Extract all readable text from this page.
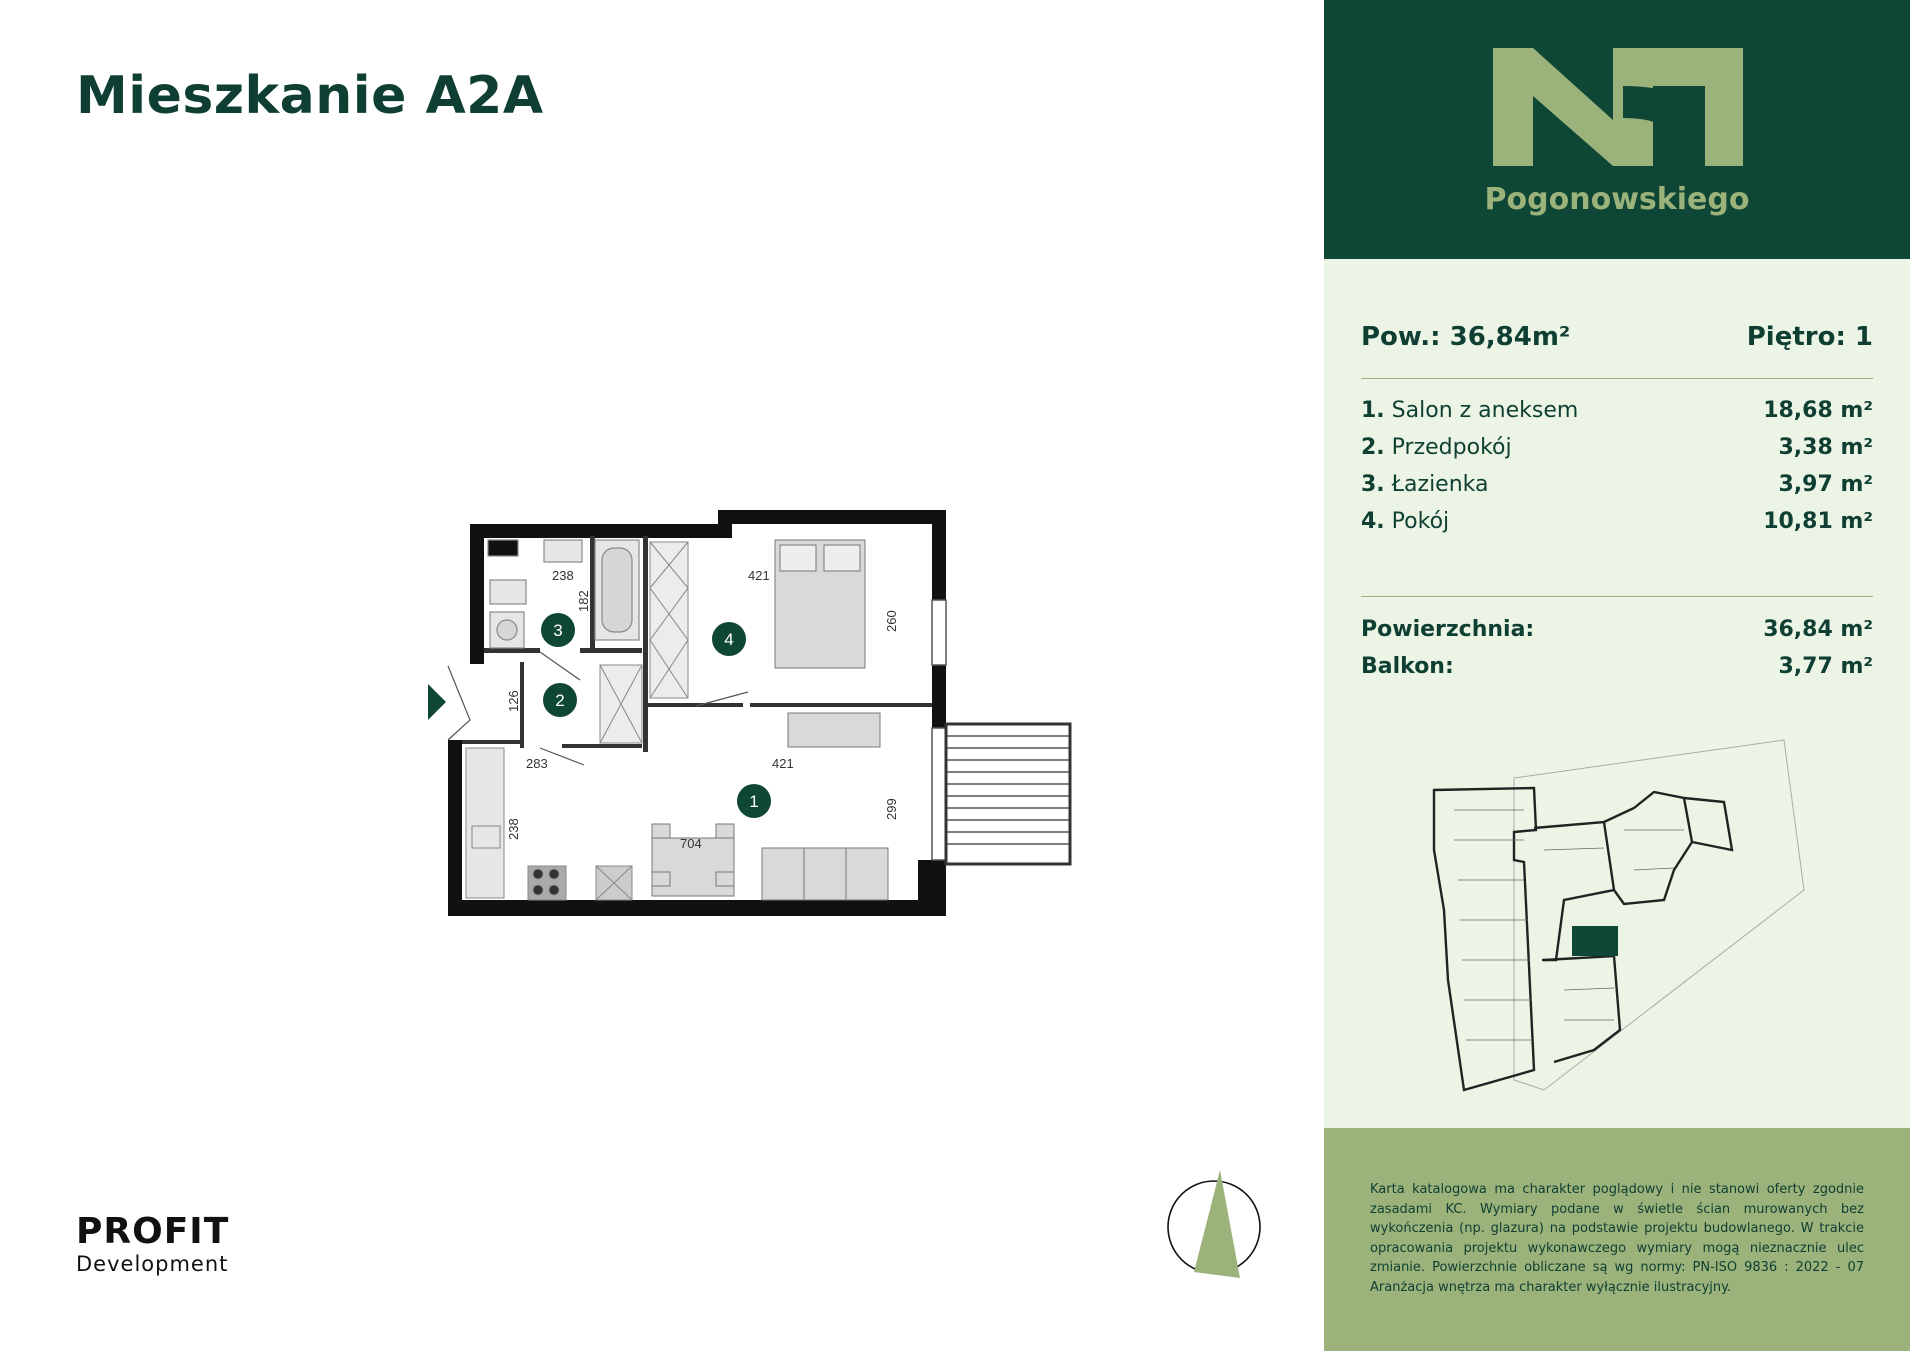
Mieszkanie A2A
238
182
421
260
126
283	421
238
299
704
1
2
3	4
PROFIT
Development
Pogonowskiego
Pow.: 36,84m²	Piętro: 1
1. Salon z aneksem	18,68 m²
2. Przedpokój	3,38 m²
3. Łazienka	3,97 m²
4. Pokój	10,81 m²
Powierzchnia:	36,84 m²
Balkon:	3,77 m²

Karta katalogowa ma charakter poglądowy i nie stanowi oferty zgodnie zasadami KC. Wymiary podane w świetle ścian murowanych bez wykończenia (np. glazura) na podstawie projektu budowlanego. W trakcie opracowania projektu wykonawczego wymiary mogą nieznacznie ulec zmianie. Powierzchnie obliczane są wg normy: PN-ISO 9836 : 2022 - 07 Aranżacja wnętrza ma charakter wyłącznie ilustracyjny.
